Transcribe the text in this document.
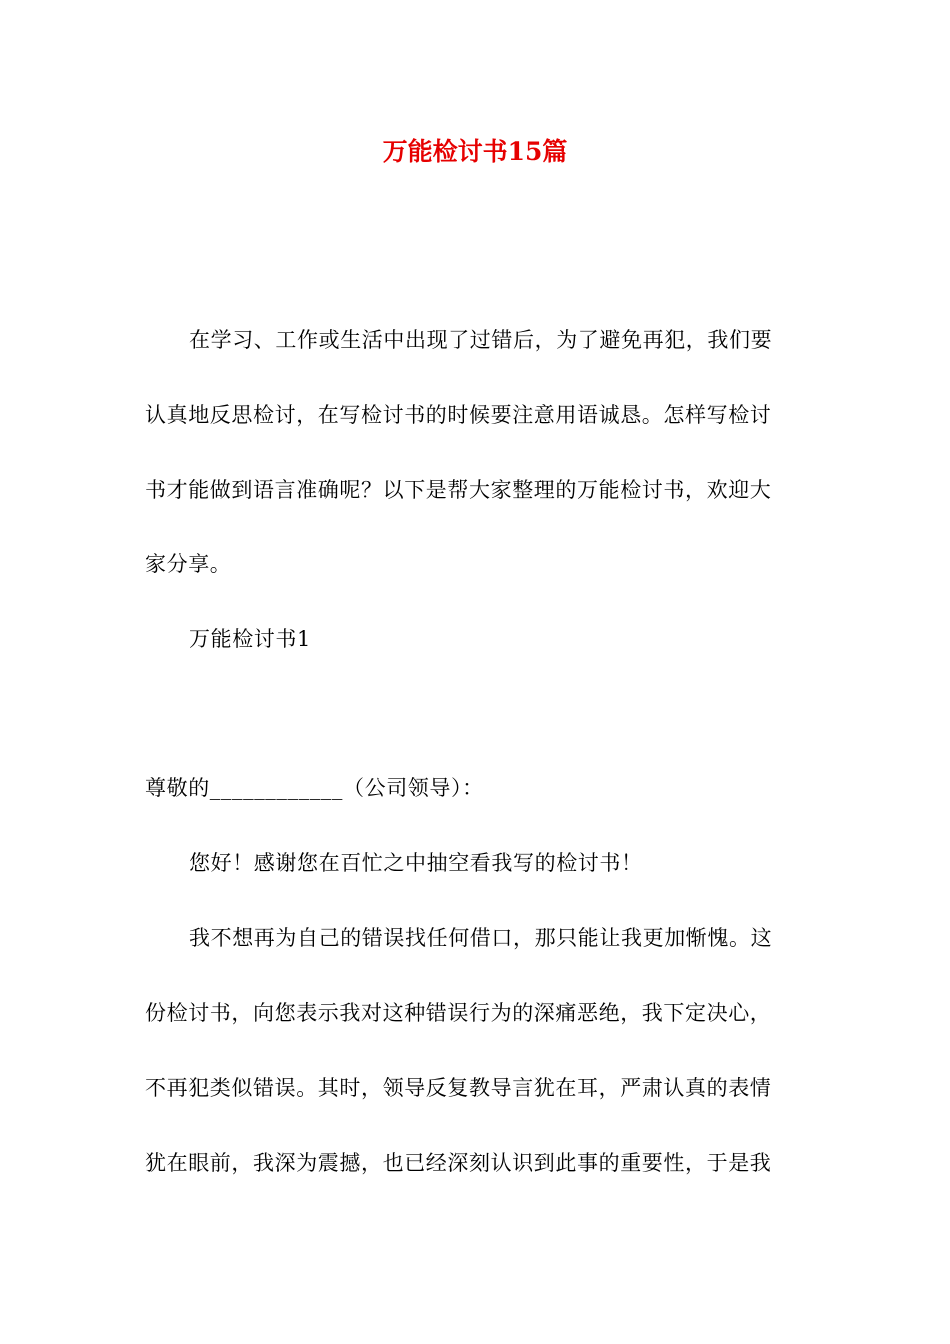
万能检讨书15篇
在学习、工作或生活中出现了过错后，为了避免再犯，我们要
认真地反思检讨，在写检讨书的时候要注意用语诚恳。怎样写检讨
书才能做到语言准确呢？以下是帮大家整理的万能检讨书，欢迎大
家分享。
万能检讨书1
尊敬的____________（公司领导）：
您好！感谢您在百忙之中抽空看我写的检讨书！
我不想再为自己的错误找任何借口，那只能让我更加惭愧。这
份检讨书，向您表示我对这种错误行为的深痛恶绝，我下定决心，
不再犯类似错误。其时，领导反复教导言犹在耳，严肃认真的表情
犹在眼前，我深为震撼，也已经深刻认识到此事的重要性，于是我
